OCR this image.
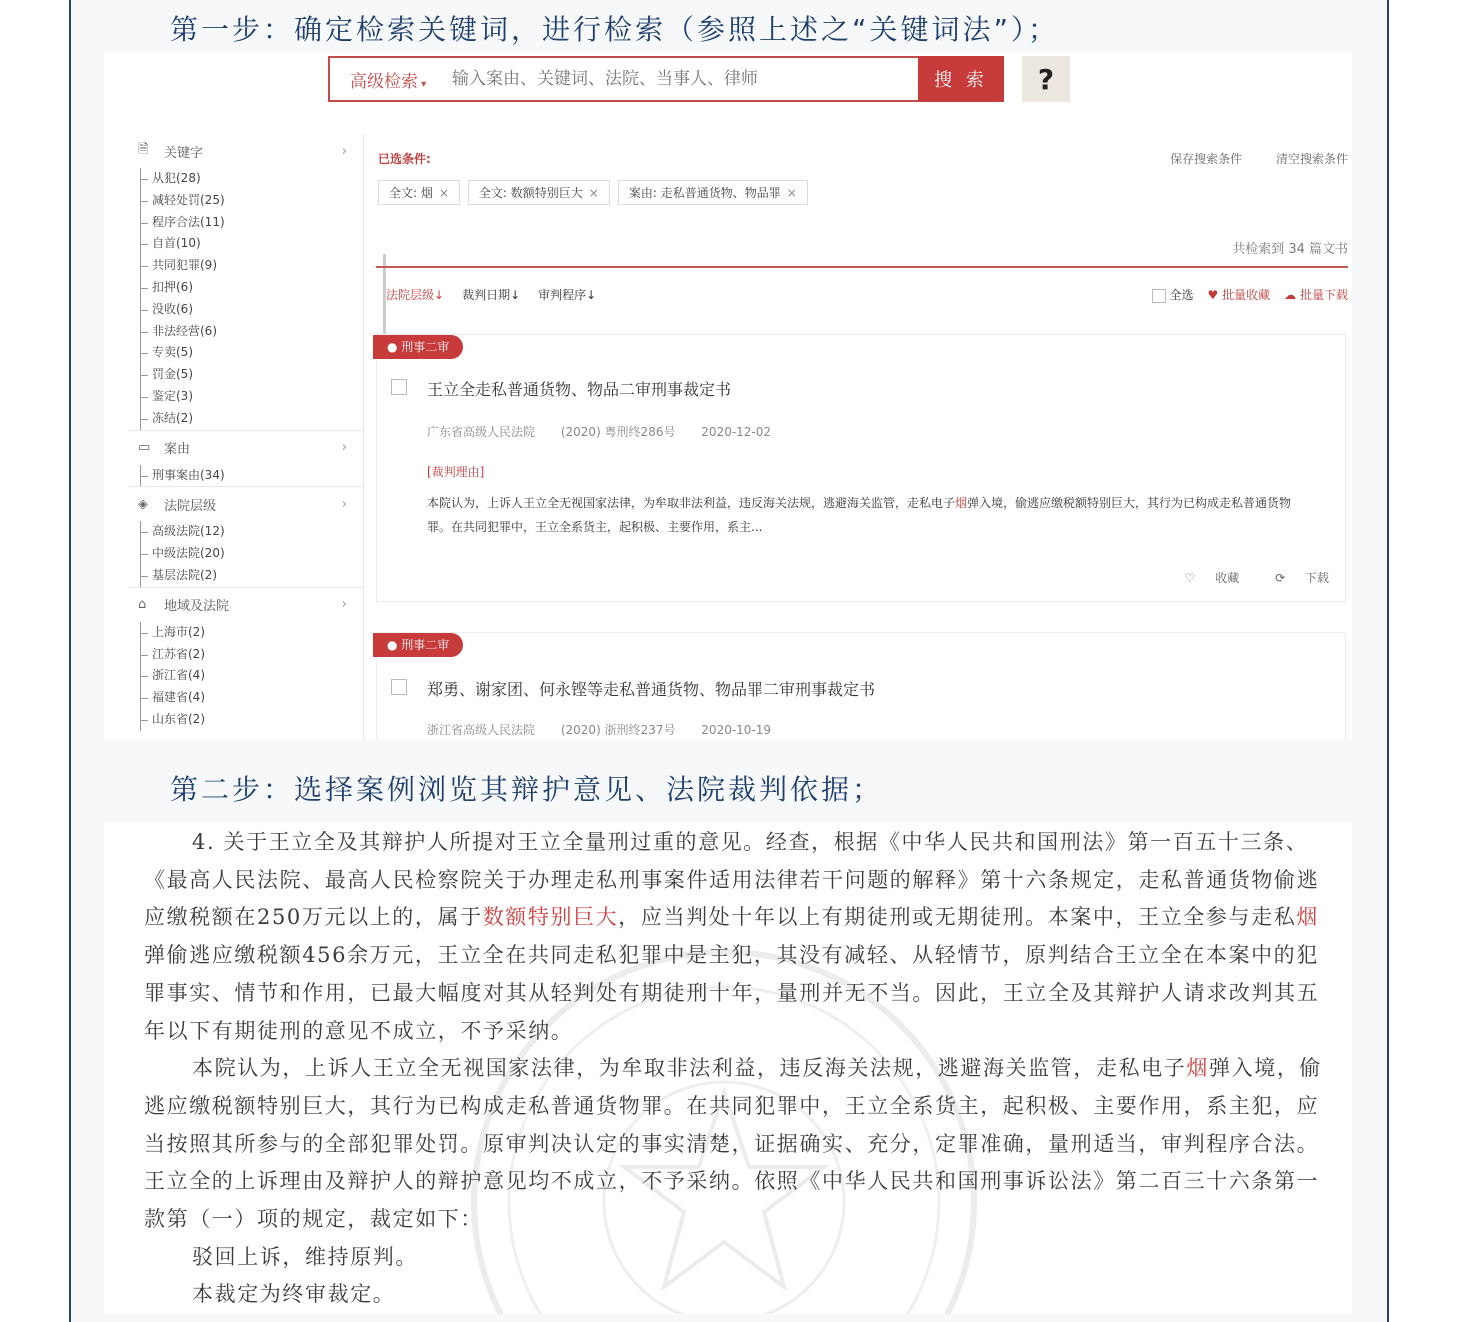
第一步：确定检索关键词，进行检索（参照上述之“关键词法”）；
高级检索 ▾
输入案由、关键词、法院、当事人、律师	搜 索	?
🗎	关键字	›
从犯(28)
减轻处罚(25)
程序合法(11)
自首(10)
共同犯罪(9)
扣押(6)
没收(6)
非法经营(6)
专卖(5)
罚金(5)
鉴定(3)
冻结(2)
▭ 案由	›
刑事案由(34)
◈	法院层级	›
高级法院(12)
中级法院(20)
基层法院(2)
⌂	地域及法院	›
上海市(2)
江苏省(2)
浙江省(4)
福建省(4)
山东省(2)
已选条件:	保存搜索条件	清空搜索条件
全文: 烟 ×	全文: 数额特别巨大 ×	案由: 走私普通货物、物品罪 ×
共检索到 34 篇文书
法院层级↓ 裁判日期↓ 审判程序↓	全选 ♥ 批量收藏 ☁ 批量下载
● 刑事二审
王立全走私普通货物、物品二审刑事裁定书
广东省高级人民法院 (2020) 粤刑终286号 2020-12-02
[裁判理由]
本院认为，上诉人王立全无视国家法律，为牟取非法利益，违反海关法规，逃避海关监管，走私电子烟弹入境，偷逃应缴税额特别巨大，其行为已构成走私普通货物罪。在共同犯罪中，王立全系货主，起积极、主要作用，系主...
♡ 收藏	⟳ 下载
● 刑事二审
郑勇、谢家团、何永铿等走私普通货物、物品罪二审刑事裁定书
浙江省高级人民法院 (2020) 浙刑终237号 2020-10-19
第二步：选择案例浏览其辩护意见、法院裁判依据；

4. 关于王立全及其辩护人所提对王立全量刑过重的意见。经查，根据《中华人民共和国刑法》第一百五十三条、《最高人民法院、最高人民检察院关于办理走私刑事案件适用法律若干问题的解释》第十六条规定，走私普通货物偷逃应缴税额在250万元以上的，属于数额特别巨大，应当判处十年以上有期徒刑或无期徒刑。本案中，王立全参与走私烟弹偷逃应缴税额456余万元，王立全在共同走私犯罪中是主犯，其没有减轻、从轻情节，原判结合王立全在本案中的犯罪事实、情节和作用，已最大幅度对其从轻判处有期徒刑十年，量刑并无不当。因此，王立全及其辩护人请求改判其五年以下有期徒刑的意见不成立，不予采纳。

本院认为，上诉人王立全无视国家法律，为牟取非法利益，违反海关法规，逃避海关监管，走私电子烟弹入境，偷逃应缴税额特别巨大，其行为已构成走私普通货物罪。在共同犯罪中，王立全系货主，起积极、主要作用，系主犯，应当按照其所参与的全部犯罪处罚。原审判决认定的事实清楚，证据确实、充分，定罪准确，量刑适当，审判程序合法。王立全的上诉理由及辩护人的辩护意见均不成立，不予采纳。依照《中华人民共和国刑事诉讼法》第二百三十六条第一款第（一）项的规定，裁定如下：

驳回上诉，维持原判。

本裁定为终审裁定。
